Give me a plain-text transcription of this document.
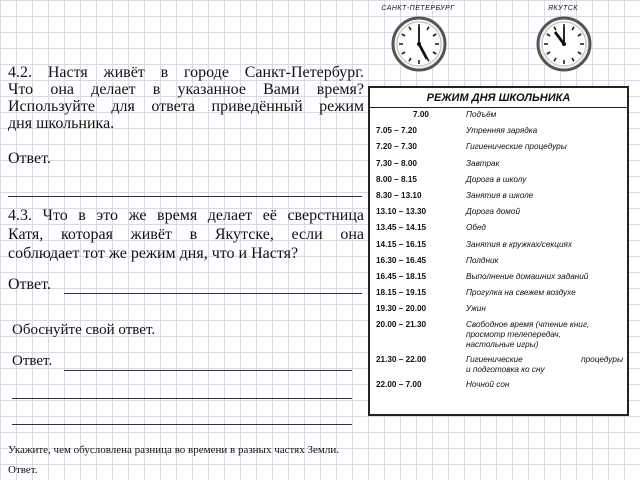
САНКТ-ПЕТЕРБУРГ	ЯКУТСК
4.2. Настя живёт в городе Санкт-Петербург.
Что она делает в указанное Вами время?
Используйте для ответа приведённый режим
дня школьника.
Ответ.
4.3. Что в это же время делает её сверстница
Катя, которая живёт в Якутске, если она
соблюдает тот же режим дня, что и Настя?
Ответ.
Обоснуйте свой ответ.
Ответ.
Укажите, чем обусловлена разница во времени в разных частях Земли.
Ответ.
РЕЖИМ ДНЯ ШКОЛЬНИКА
7.00	Подъём
7.05 – 7.20	Утренняя зарядка
7.20 – 7.30	Гигиенические процедуры
7.30 – 8.00	Завтрак
8.00 – 8.15	Дорога в школу
8.30 – 13.10	Занятия в школе
13.10 – 13.30	Дорога домой
13.45 – 14.15	Обед
14.15 – 16.15	Занятия в кружках/секциях
16.30 – 16.45	Полдник
16.45 – 18.15	Выполнение домашних заданий
18.15 – 19.15	Прогулка на свежем воздухе
19.30 – 20.00	Ужин
20.00 – 21.30	Свободное время (чтение книг,
просмотр телепередач,
настольные игры)
21.30 – 22.00	Гигиенические процедуры
и подготовка ко сну
22.00 – 7.00	Ночной сон
